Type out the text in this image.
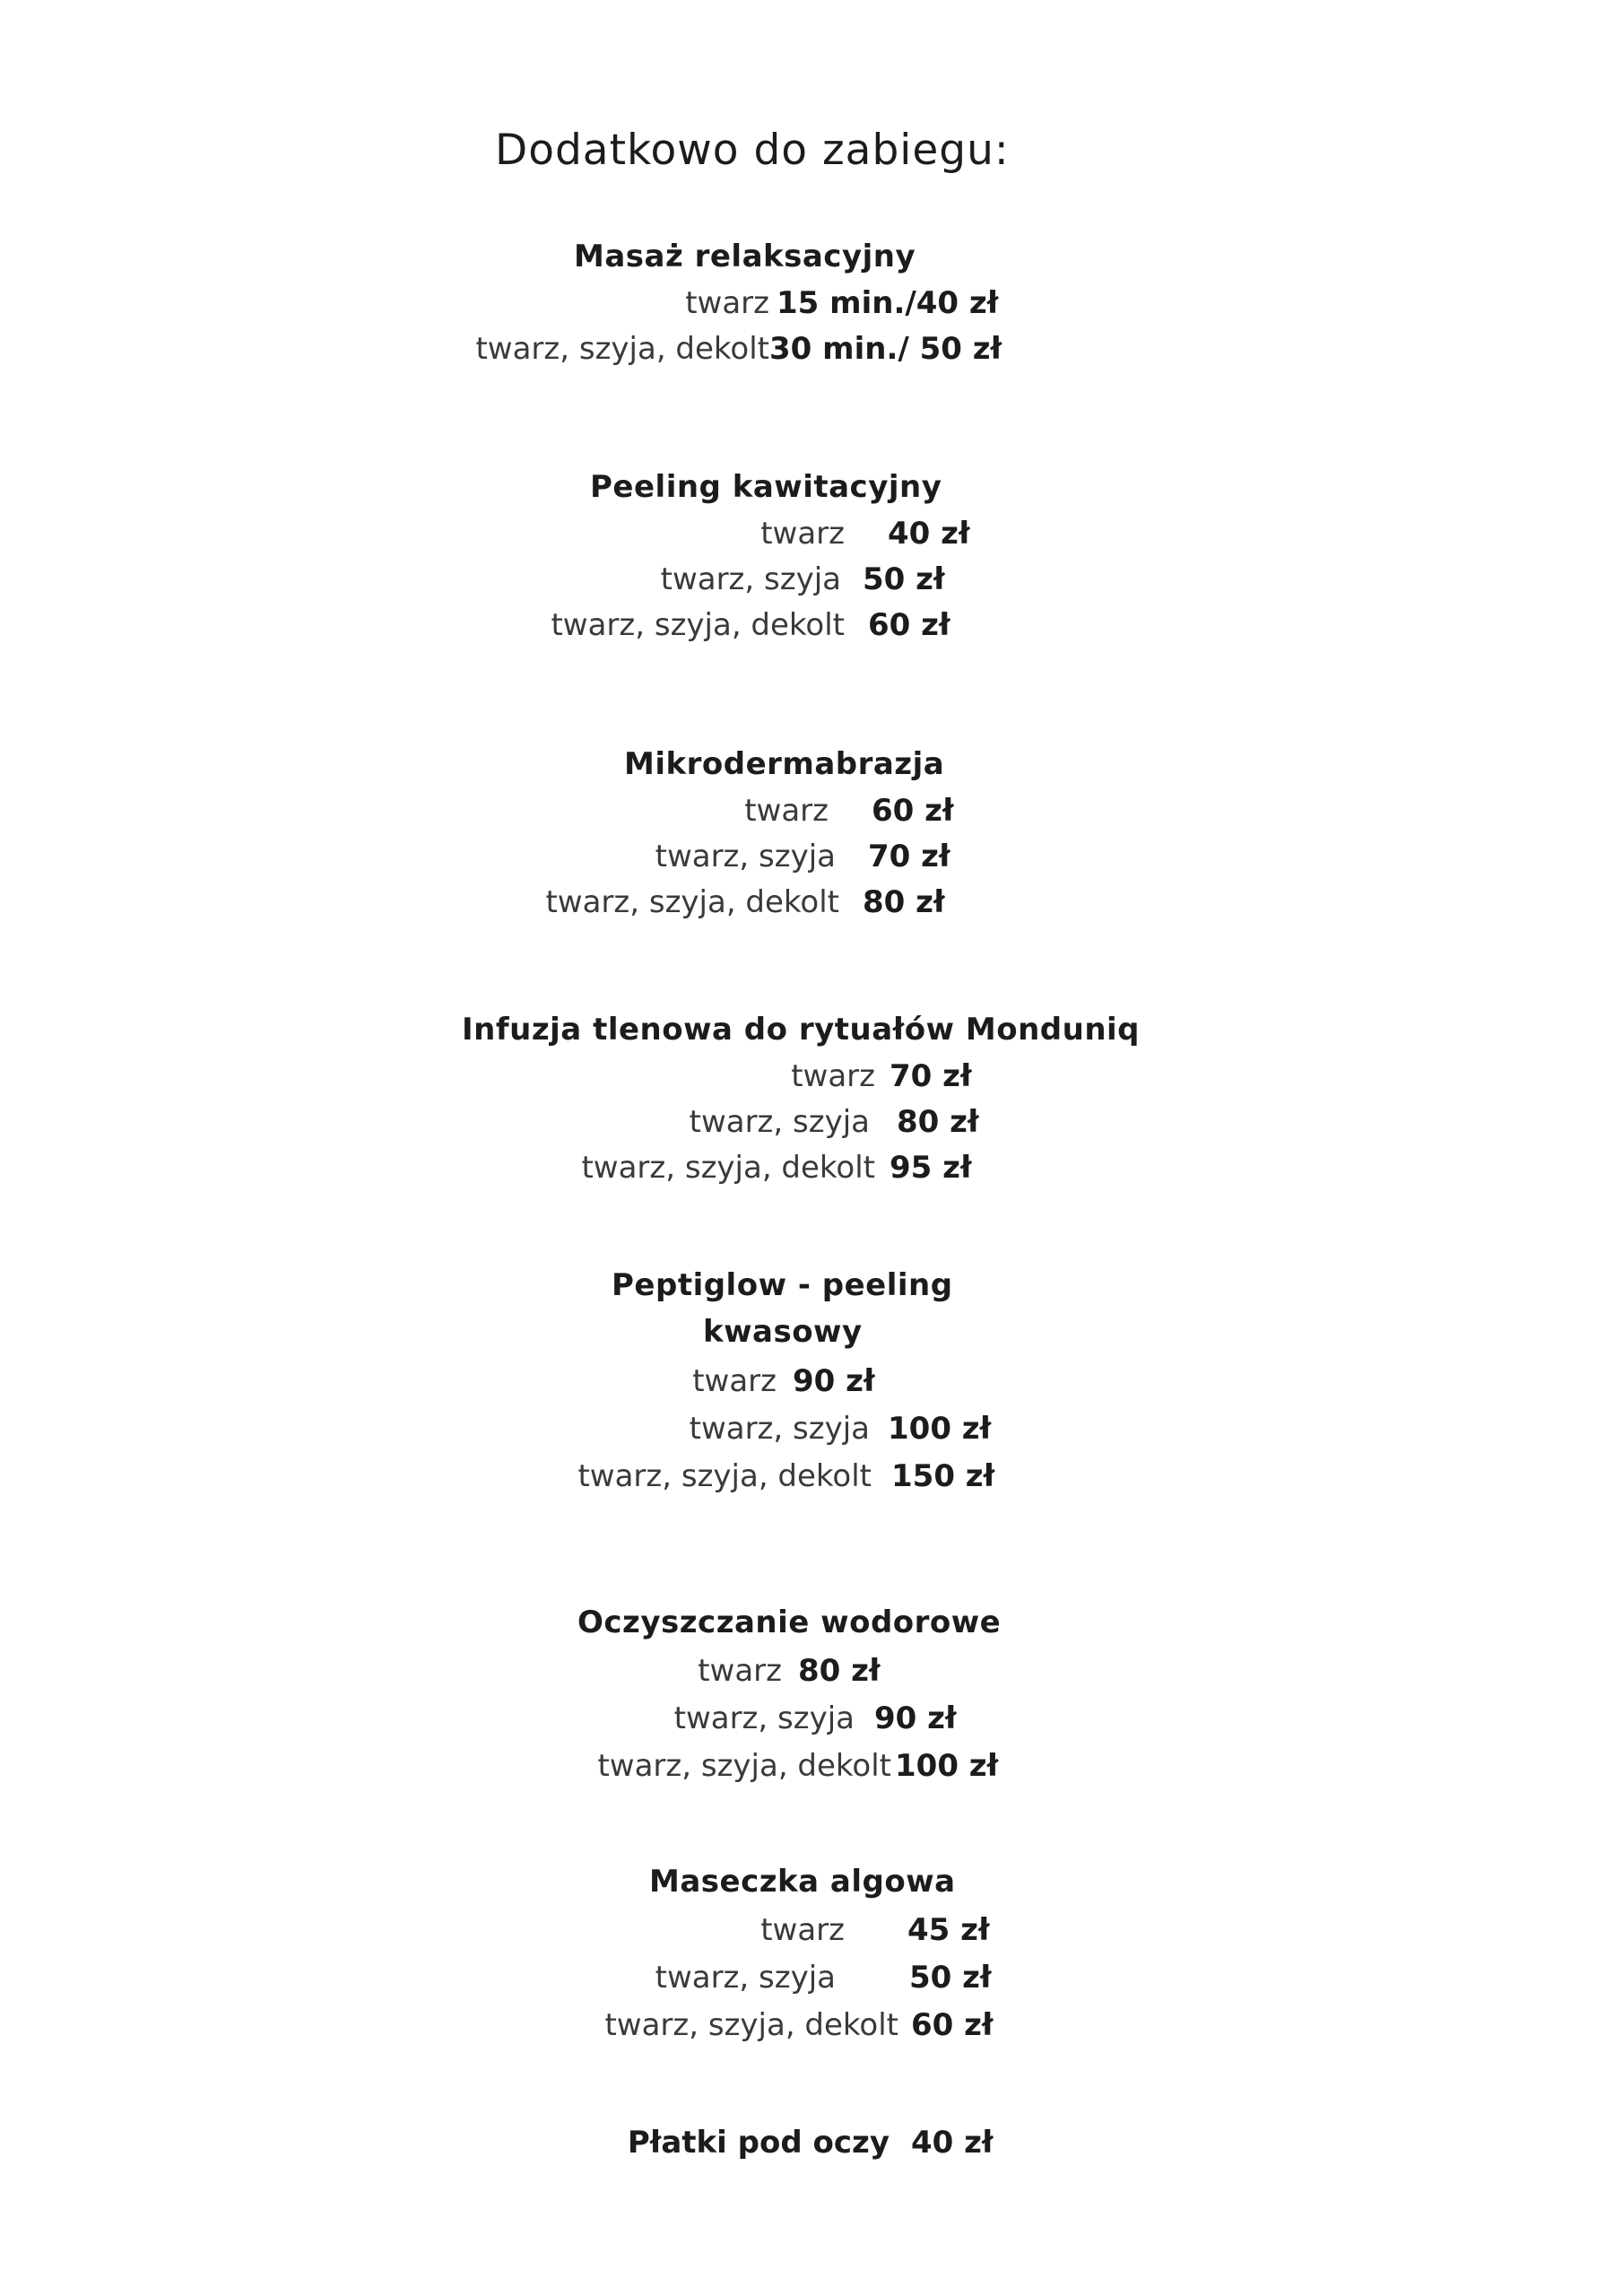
Dodatkowo do zabiegu:
Masaż relaksacyjny
twarz 15 min./40 zł
twarz, szyja, dekolt 30 min./ 50 zł
Peeling kawitacyjny
twarz 40 zł
twarz, szyja 50 zł
twarz, szyja, dekolt 60 zł
Mikrodermabrazja
twarz 60 zł
twarz, szyja 70 zł
twarz, szyja, dekolt 80 zł
Infuzja tlenowa do rytuałów Monduniq
twarz 70 zł
twarz, szyja 80 zł
twarz, szyja, dekolt 95 zł
Peptiglow - peeling
kwasowy
twarz 90 zł
twarz, szyja 100 zł
twarz, szyja, dekolt 150 zł
Oczyszczanie wodorowe
twarz 80 zł
twarz, szyja 90 zł
twarz, szyja, dekolt 100 zł
Maseczka algowa
twarz 45 zł
twarz, szyja 50 zł
twarz, szyja, dekolt 60 zł
Płatki pod oczy 40 zł
